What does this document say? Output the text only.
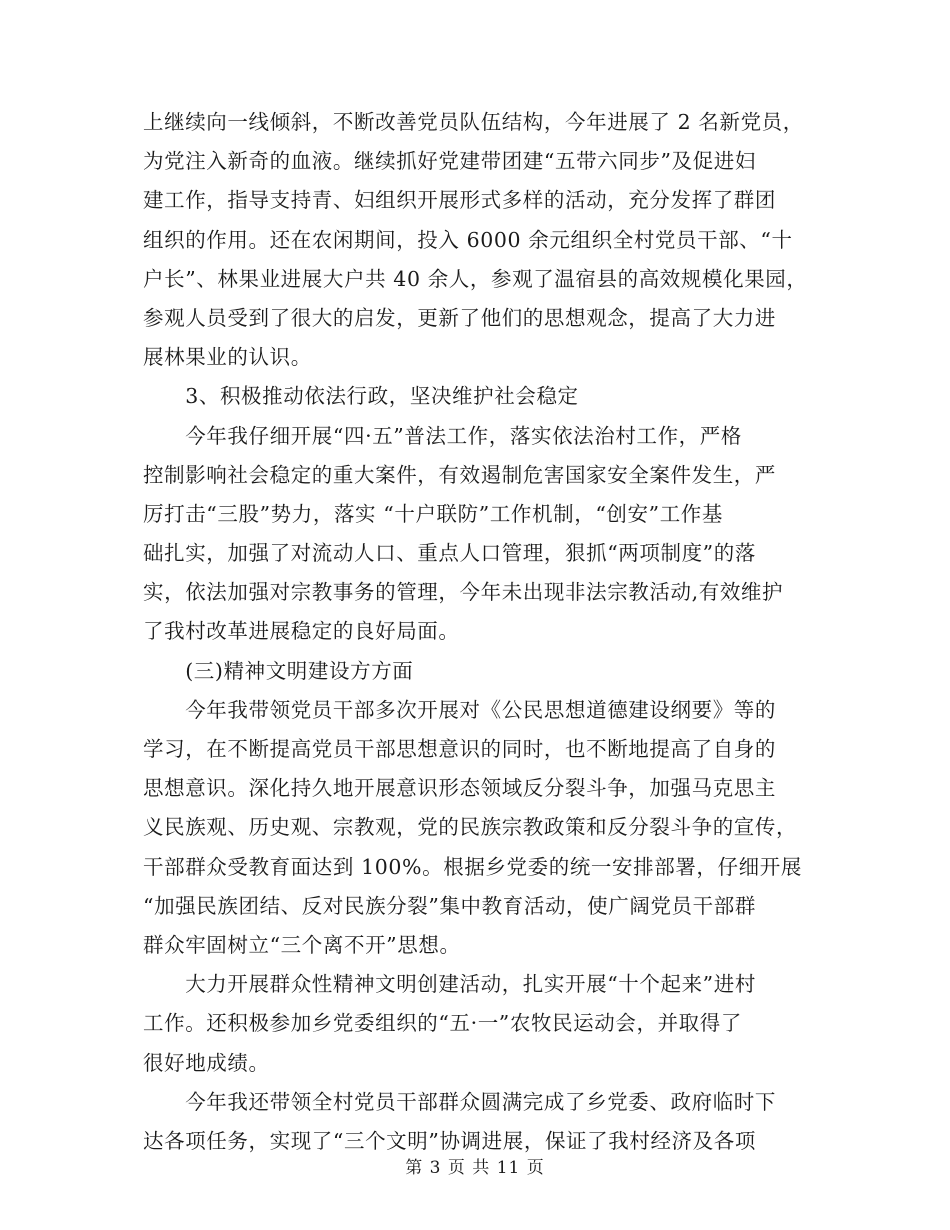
上继续向一线倾斜，不断改善党员队伍结构，今年进展了 2 名新党员，
为党注入新奇的血液。继续抓好党建带团建“五带六同步”及促进妇
建工作，指导支持青、妇组织开展形式多样的活动，充分发挥了群团
组织的作用。还在农闲期间，投入 6000 余元组织全村党员干部、“十
户长”、林果业进展大户共 40 余人，参观了温宿县的高效规模化果园，
参观人员受到了很大的启发，更新了他们的思想观念，提高了大力进
展林果业的认识。
　　3、积极推动依法行政，坚决维护社会稳定
　　今年我仔细开展“四·五”普法工作，落实依法治村工作，严格
控制影响社会稳定的重大案件，有效遏制危害国家安全案件发生，严
厉打击“三股”势力，落实 “十户联防”工作机制，“创安”工作基
础扎实，加强了对流动人口、重点人口管理，狠抓“两项制度”的落
实，依法加强对宗教事务的管理，今年未出现非法宗教活动,有效维护
了我村改革进展稳定的良好局面。
　　(三)精神文明建设方方面
　　今年我带领党员干部多次开展对《公民思想道德建设纲要》等的
学习，在不断提高党员干部思想意识的同时，也不断地提高了自身的
思想意识。深化持久地开展意识形态领域反分裂斗争，加强马克思主
义民族观、历史观、宗教观，党的民族宗教政策和反分裂斗争的宣传，
干部群众受教育面达到 100%。根据乡党委的统一安排部署，仔细开展
“加强民族团结、反对民族分裂”集中教育活动，使广阔党员干部群
群众牢固树立“三个离不开”思想。
　　大力开展群众性精神文明创建活动，扎实开展“十个起来”进村
工作。还积极参加乡党委组织的“五·一”农牧民运动会，并取得了
很好地成绩。
　　今年我还带领全村党员干部群众圆满完成了乡党委、政府临时下
达各项任务，实现了“三个文明”协调进展，保证了我村经济及各项
第 3 页 共 11 页
